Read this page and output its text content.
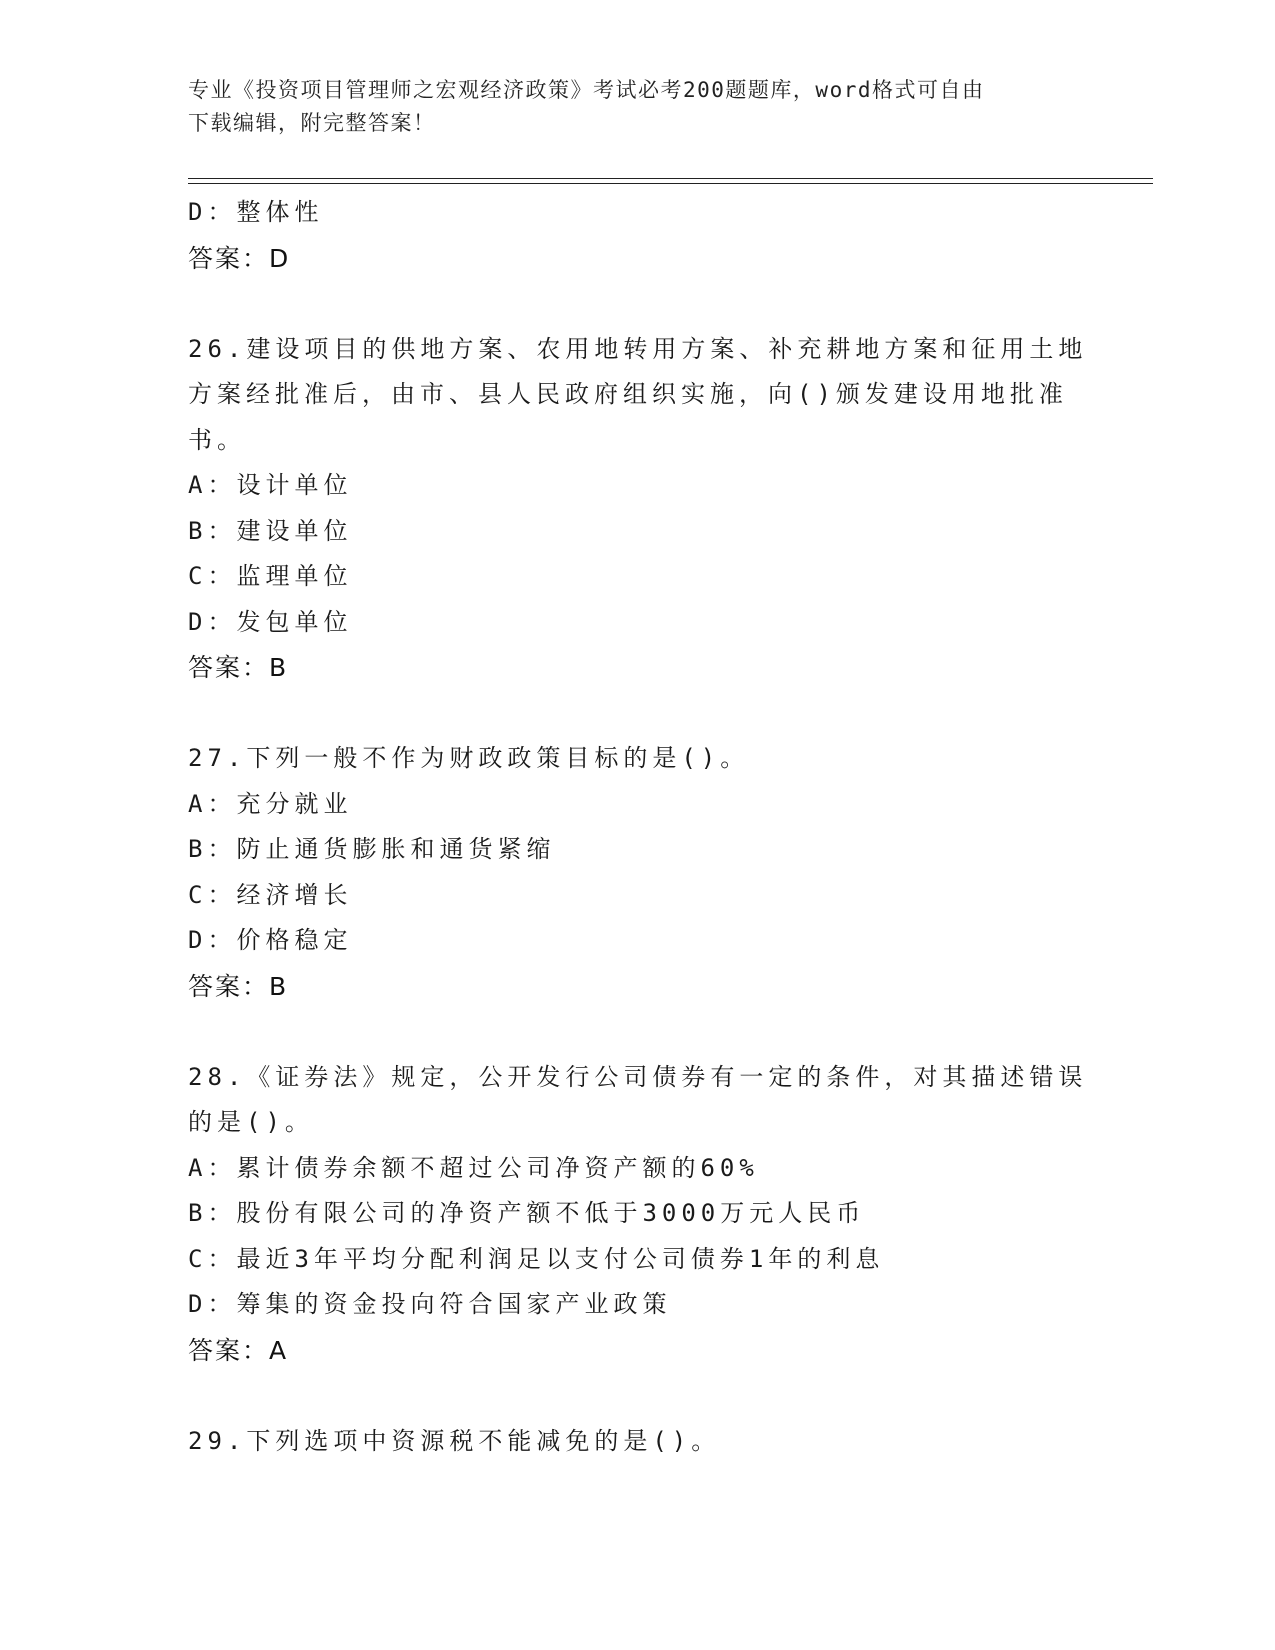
专业《投资项目管理师之宏观经济政策》考试必考200题题库，word格式可自由
下载编辑，附完整答案！
D：整体性
答案：D
26.建设项目的供地方案、农用地转用方案、补充耕地方案和征用土地
方案经批准后，由市、县人民政府组织实施，向()颁发建设用地批准
书。
A：设计单位
B：建设单位
C：监理单位
D：发包单位
答案：B
27.下列一般不作为财政政策目标的是()。
A：充分就业
B：防止通货膨胀和通货紧缩
C：经济增长
D：价格稳定
答案：B
28.《证券法》规定，公开发行公司债券有一定的条件，对其描述错误
的是()。
A：累计债券余额不超过公司净资产额的60%
B：股份有限公司的净资产额不低于3000万元人民币
C：最近3年平均分配利润足以支付公司债券1年的利息
D：筹集的资金投向符合国家产业政策
答案：A
29.下列选项中资源税不能减免的是()。
